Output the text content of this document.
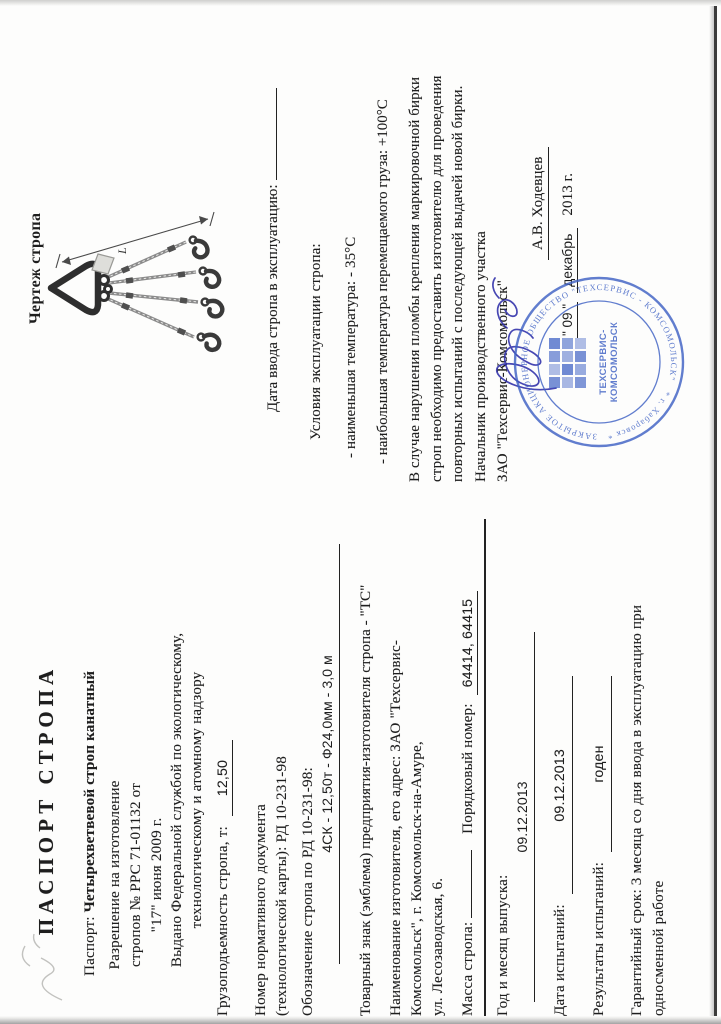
ПАСПОРТ СТРОПА
Паспорт: Четырехветвевой строп канатный Разрешение на изготовление стропов № РРС 71-01132 от "17" июня 2009 г. Выдано Федеральной службой по экологическому, технологическому и атомному надзору Грузоподъемность стропа, т: 12,50
Номер нормативного документа (технологической карты): РД 10-231-98 Обозначение стропа по РД 10-231-98:
4СК - 12,50т - Ф24,0мм - 3,0 м Товарный знак (эмблема) предприятия-изготовителя стропа - "ТС" Наименование изготовителя, его адрес: ЗАО "Техсервис- Комсомольск", г. Комсомольск-на-Амуре, ул. Лесозаводская, 6. Масса стропа:  Порядковый номер: 64414, 64415
Год и месяц выпуска:
09.12.2013
Дата испытаний: 09.12.2013
Результаты испытаний: годен	Гарантийный срок: 3 месяца со дня ввода в эксплуатацию при односменной работе
Чертеж стропа	L	Дата ввода стропа в эксплуатацию: Условия эксплуатации стропа: - наименьшая температура: - 35°С - наибольшая температура перемещаемого груза: +100°С В случае нарушения пломбы крепления маркировочной бирки строп необходимо предоставить изготовителю для проведения повторных испытаний с последующей выдачей новой бирки. Начальник производственного участка ЗАО "Техсервис-Комсомольск"
А.В. Ходевцев
" 09 " декабрь 2013 г.
ЗАКРЫТОЕ АКЦИОНЕРНОЕ ОБЩЕСТВО "ТЕХСЕРВИС - КОМСОМОЛЬСК" * г. Хабаровск *
ТЕХСЕРВИС- КОМСОМОЛЬСК
